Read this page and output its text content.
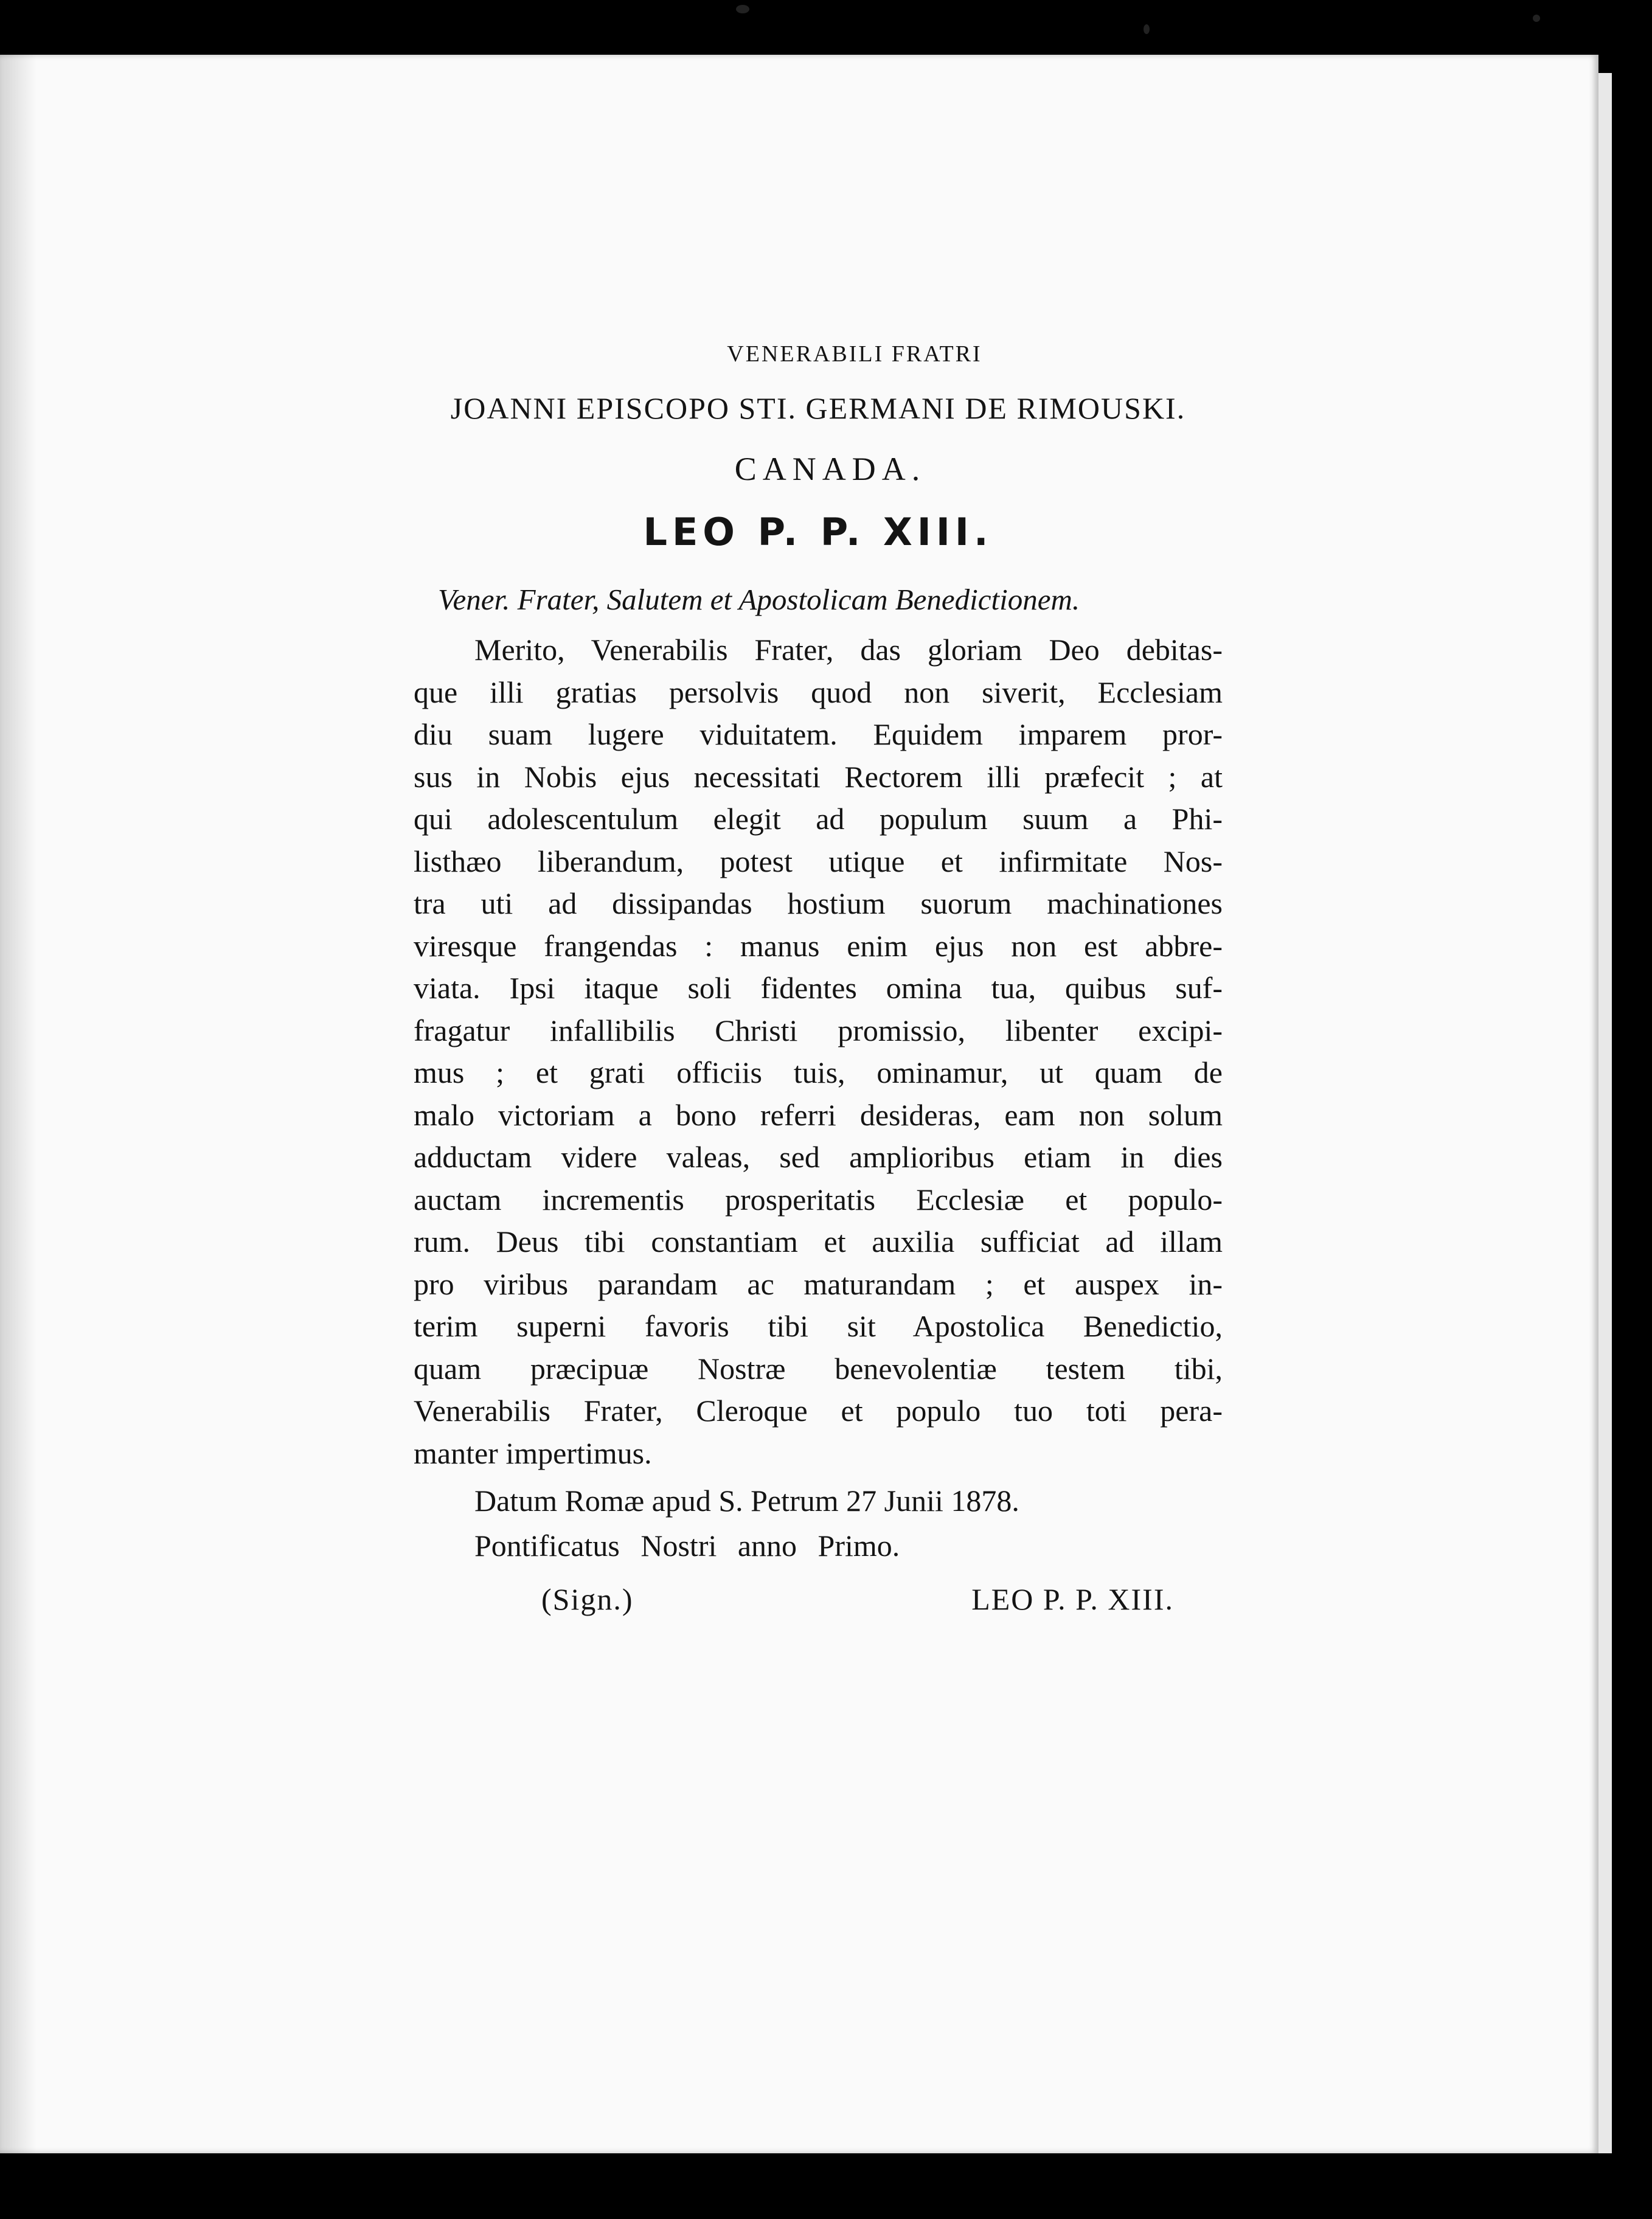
VENERABILI FRATRI
JOANNI EPISCOPO STI. GERMANI DE RIMOUSKI.
CANADA.
LEO P. P. XIII.
Vener. Frater, Salutem et Apostolicam Benedictionem.
Merito, Venerabilis Frater, das gloriam Deo debitas-
que illi gratias persolvis quod non siverit, Ecclesiam
diu suam lugere viduitatem. Equidem imparem pror-
sus in Nobis ejus necessitati Rectorem illi præfecit ; at
qui adolescentulum elegit ad populum suum a Phi-
listhæo liberandum, potest utique et infirmitate Nos-
tra uti ad dissipandas hostium suorum machinationes
viresque frangendas : manus enim ejus non est abbre-
viata. Ipsi itaque soli fidentes omina tua, quibus suf-
fragatur infallibilis Christi promissio, libenter excipi-
mus ; et grati officiis tuis, ominamur, ut quam de
malo victoriam a bono referri desideras, eam non solum
adductam videre valeas, sed amplioribus etiam in dies
auctam incrementis prosperitatis Ecclesiæ et populo-
rum. Deus tibi constantiam et auxilia sufficiat ad illam
pro viribus parandam ac maturandam ; et auspex in-
terim superni favoris tibi sit Apostolica Benedictio,
quam præcipuæ Nostræ benevolentiæ testem tibi,
Venerabilis Frater, Cleroque et populo tuo toti pera-
manter impertimus.
Datum Romæ apud S. Petrum 27 Junii 1878.
Pontificatus Nostri anno Primo.
(Sign.)	LEO P. P. XIII.
